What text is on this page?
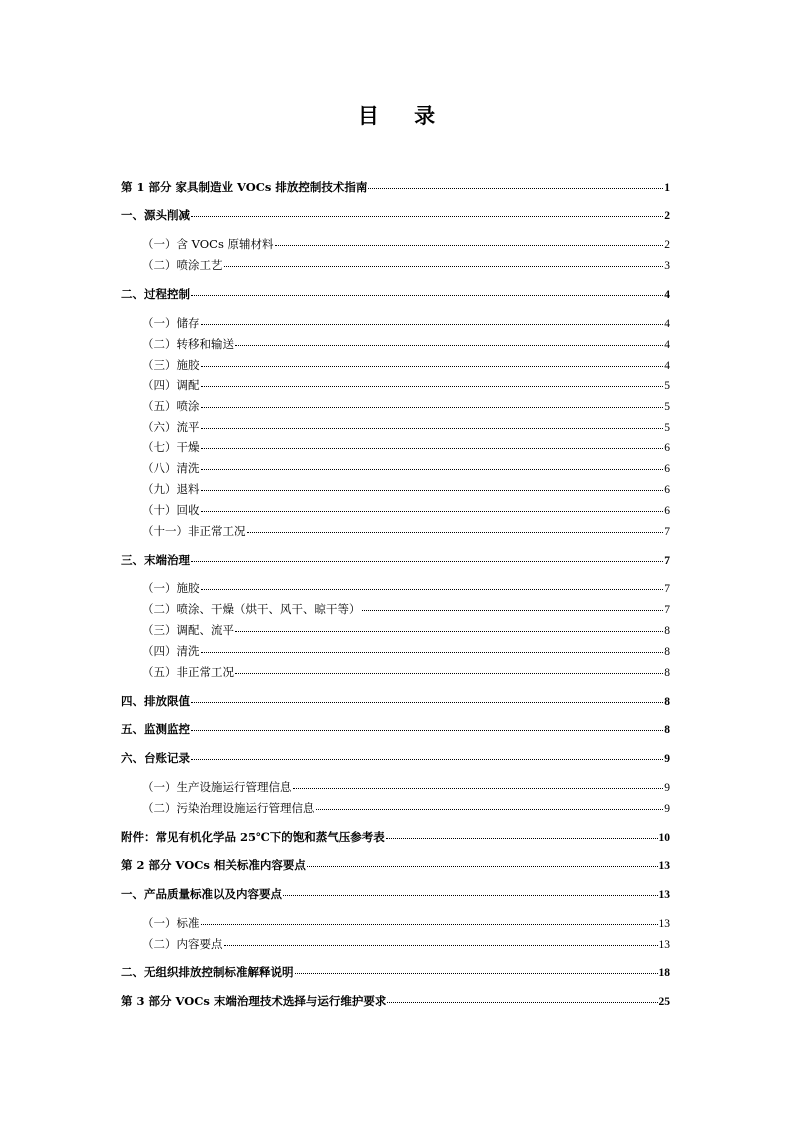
目 录
第 1 部分 家具制造业 VOCs 排放控制技术指南	1
一、源头削减	2
（一）含 VOCs 原辅材料	2
（二）喷涂工艺	3
二、过程控制	4
（一）储存	4
（二）转移和输送	4
（三）施胶	4
（四）调配	5
（五）喷涂	5
（六）流平	5
（七）干燥	6
（八）清洗	6
（九）退料	6
（十）回收	6
（十一）非正常工况	7
三、末端治理	7
（一）施胶	7
（二）喷涂、干燥（烘干、风干、晾干等）	7
（三）调配、流平	8
（四）清洗	8
（五）非正常工况	8
四、排放限值	8
五、监测监控	8
六、台账记录	9
（一）生产设施运行管理信息	9
（二）污染治理设施运行管理信息	9
附件：常见有机化学品 25℃下的饱和蒸气压参考表	10
第 2 部分 VOCs 相关标准内容要点	13
一、产品质量标准以及内容要点	13
（一）标准	13
（二）内容要点	13
二、无组织排放控制标准解释说明	18
第 3 部分 VOCs 末端治理技术选择与运行维护要求	25
